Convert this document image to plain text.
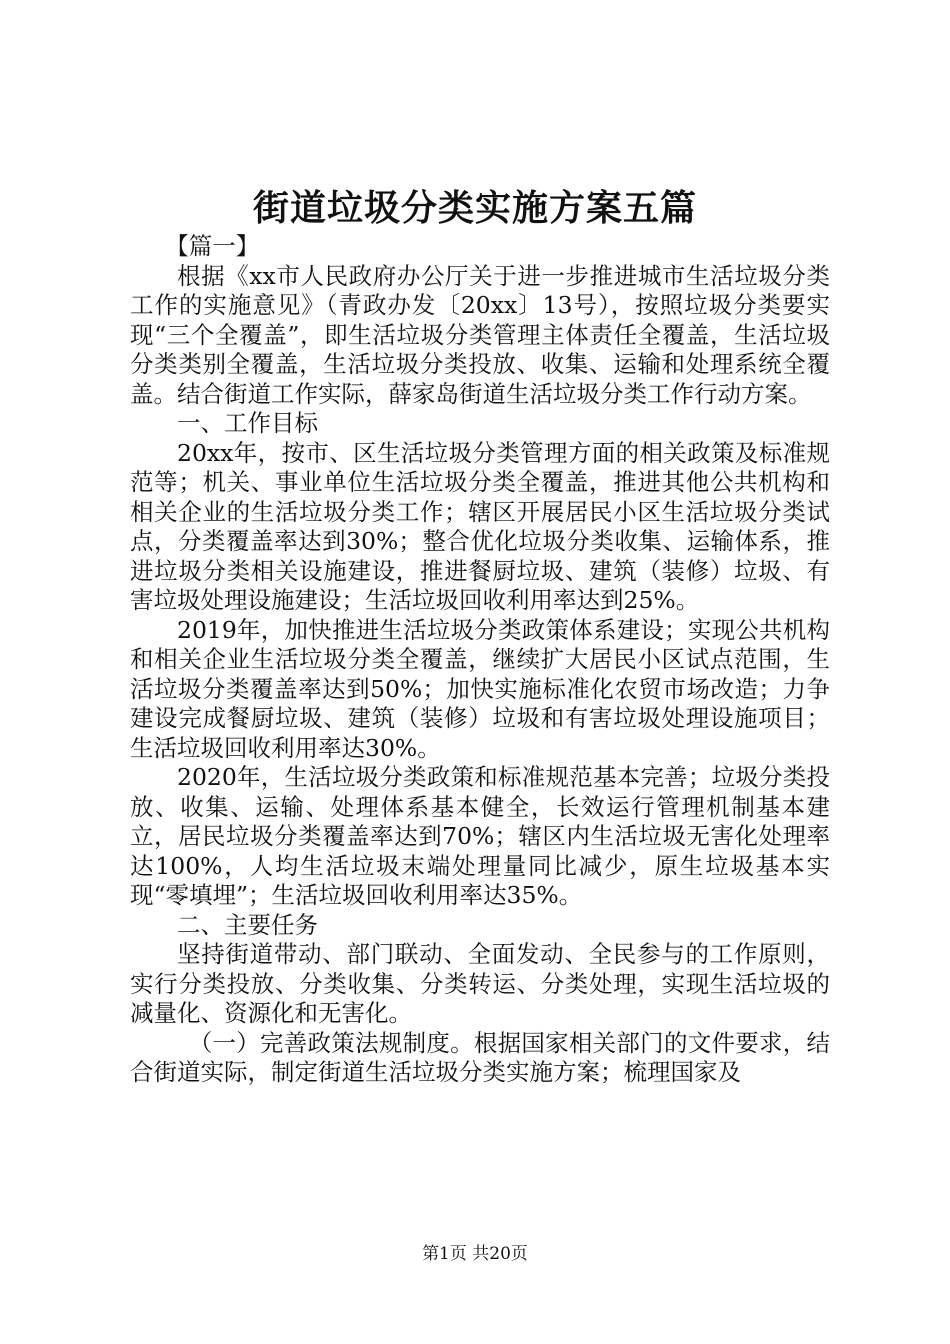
街道垃圾分类实施方案五篇

【篇一】

根据《xx市人民政府办公厅关于进一步推进城市生活垃圾分类工作的实施意见》（青政办发〔20xx〕13号），按照垃圾分类要实现“三个全覆盖”，即生活垃圾分类管理主体责任全覆盖，生活垃圾分类类别全覆盖，生活垃圾分类投放、收集、运输和处理系统全覆盖。结合街道工作实际，薛家岛街道生活垃圾分类工作行动方案。

一、工作目标

20xx年，按市、区生活垃圾分类管理方面的相关政策及标准规范等；机关、事业单位生活垃圾分类全覆盖，推进其他公共机构和相关企业的生活垃圾分类工作；辖区开展居民小区生活垃圾分类试点，分类覆盖率达到30%；整合优化垃圾分类收集、运输体系，推进垃圾分类相关设施建设，推进餐厨垃圾、建筑（装修）垃圾、有害垃圾处理设施建设；生活垃圾回收利用率达到25%。

2019年，加快推进生活垃圾分类政策体系建设；实现公共机构和相关企业生活垃圾分类全覆盖，继续扩大居民小区试点范围，生活垃圾分类覆盖率达到50%；加快实施标准化农贸市场改造；力争建设完成餐厨垃圾、建筑（装修）垃圾和有害垃圾处理设施项目；生活垃圾回收利用率达30%。

2020年，生活垃圾分类政策和标准规范基本完善；垃圾分类投放、收集、运输、处理体系基本健全，长效运行管理机制基本建立，居民垃圾分类覆盖率达到70%；辖区内生活垃圾无害化处理率达100%，人均生活垃圾末端处理量同比减少，原生垃圾基本实现“零填埋”；生活垃圾回收利用率达35%。

二、主要任务

坚持街道带动、部门联动、全面发动、全民参与的工作原则，实行分类投放、分类收集、分类转运、分类处理，实现生活垃圾的减量化、资源化和无害化。

（一）完善政策法规制度。根据国家相关部门的文件要求，结合街道实际，制定街道生活垃圾分类实施方案；梳理国家及

第1页 共20页
